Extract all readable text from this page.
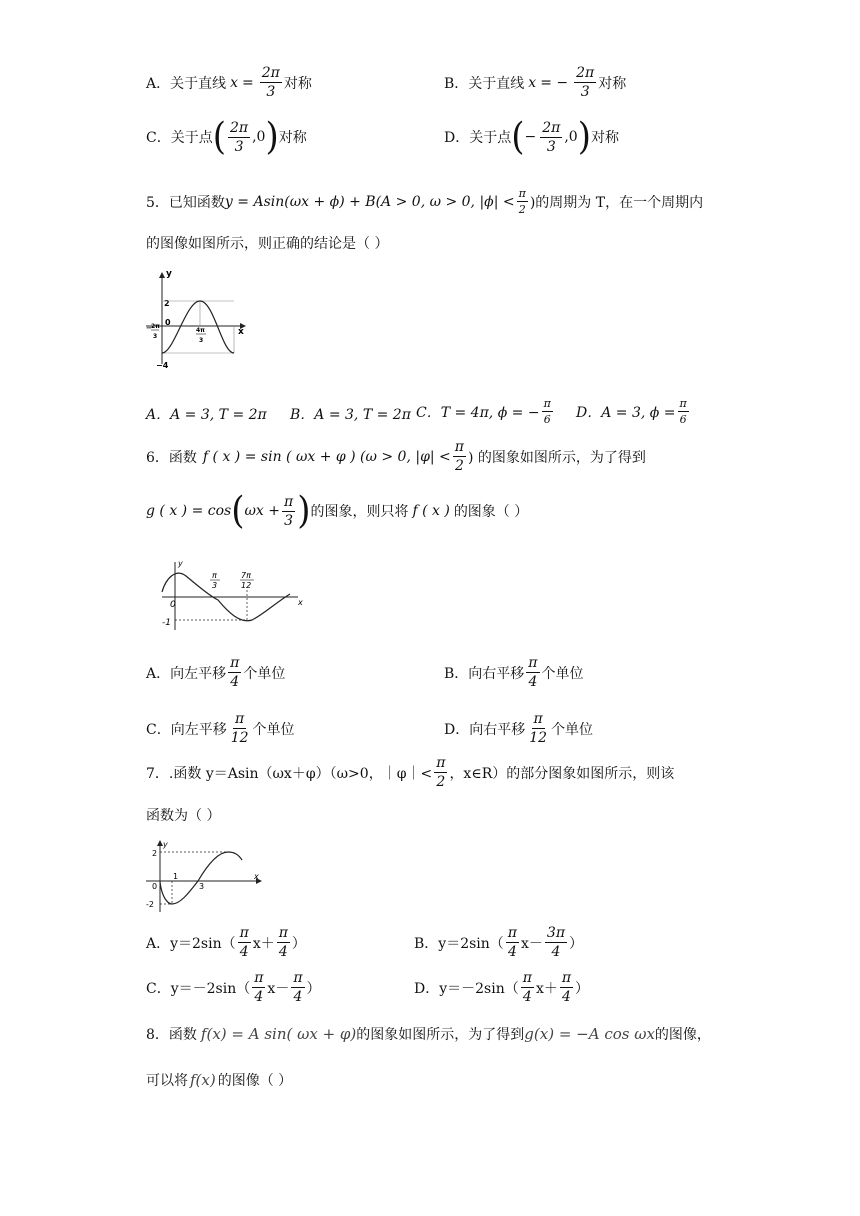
A．关于直线 $x = \frac{2\pi}{3}$ 对称	B．关于直线 x = − $\frac{2\pi}{3}$ 对称
C．关于点 ( $\frac{2\pi}{3} ,0$ ) 对称	D．关于点 ( − $\frac{2\pi}{3} ,0$ ) 对称
5． 已知函数 y = Asin(ωx + ϕ) + B(A > 0, ω > 0, $|\phi| < \frac{\pi}{2}$ )的周期为 T，在一个周期内
的图像如图所示，则正确的结论是（ ）
y
x
0
2
−4
− 2π
3
4π
3
A．A = 3, T = 2π B．A = 3, T = 2π C．T = 4π, ϕ = − $\frac{\pi}{6}$ D．A = 3, $\phi = \frac{\pi}{6}$
6． 函数 f ( x ) = sin ( ωx + φ ) (ω > 0, $|\varphi| < \frac{\pi}{2}$ ) 的图象如图所示，为了得到
g ( x ) = cos ( $\omega x + \frac{\pi}{3}$ ) 的图象，则只将 f ( x ) 的图象（ ）
y
x
0
-1
π
3
7π
12
A．向左平移 $\frac{\pi}{4}$ 个单位	B．向右平移 $\frac{\pi}{4}$ 个单位
C．向左平移 $\frac{\pi}{12}$ 个单位	D．向右平移 $\frac{\pi}{12}$ 个单位
7． .函数 y＝Asin（ωx＋φ）（ω>0，｜φ｜< $\frac{\pi}{2}$ ，x∈R）的部分图象如图所示，则该
函数为（ ）
y
x
2
0
-2
1
3
A．$y=2\sin( \frac{\pi}{4} x+ \frac{\pi}{4}$ ）	B．$y=2\sin( \frac{\pi}{4} x- \frac{3\pi}{4}$ ）
C．$y=-2\sin( \frac{\pi}{4} x- \frac{\pi}{4}$ ）	D．$y=-2\sin( \frac{\pi}{4} x+ \frac{\pi}{4}$ ）
8． 函数 f(x) = A sin( ωx + φ) 的图象如图所示，为了得到 g(x) = −A cos ωx 的图像，
可以将 f(x) 的图像（ ）
